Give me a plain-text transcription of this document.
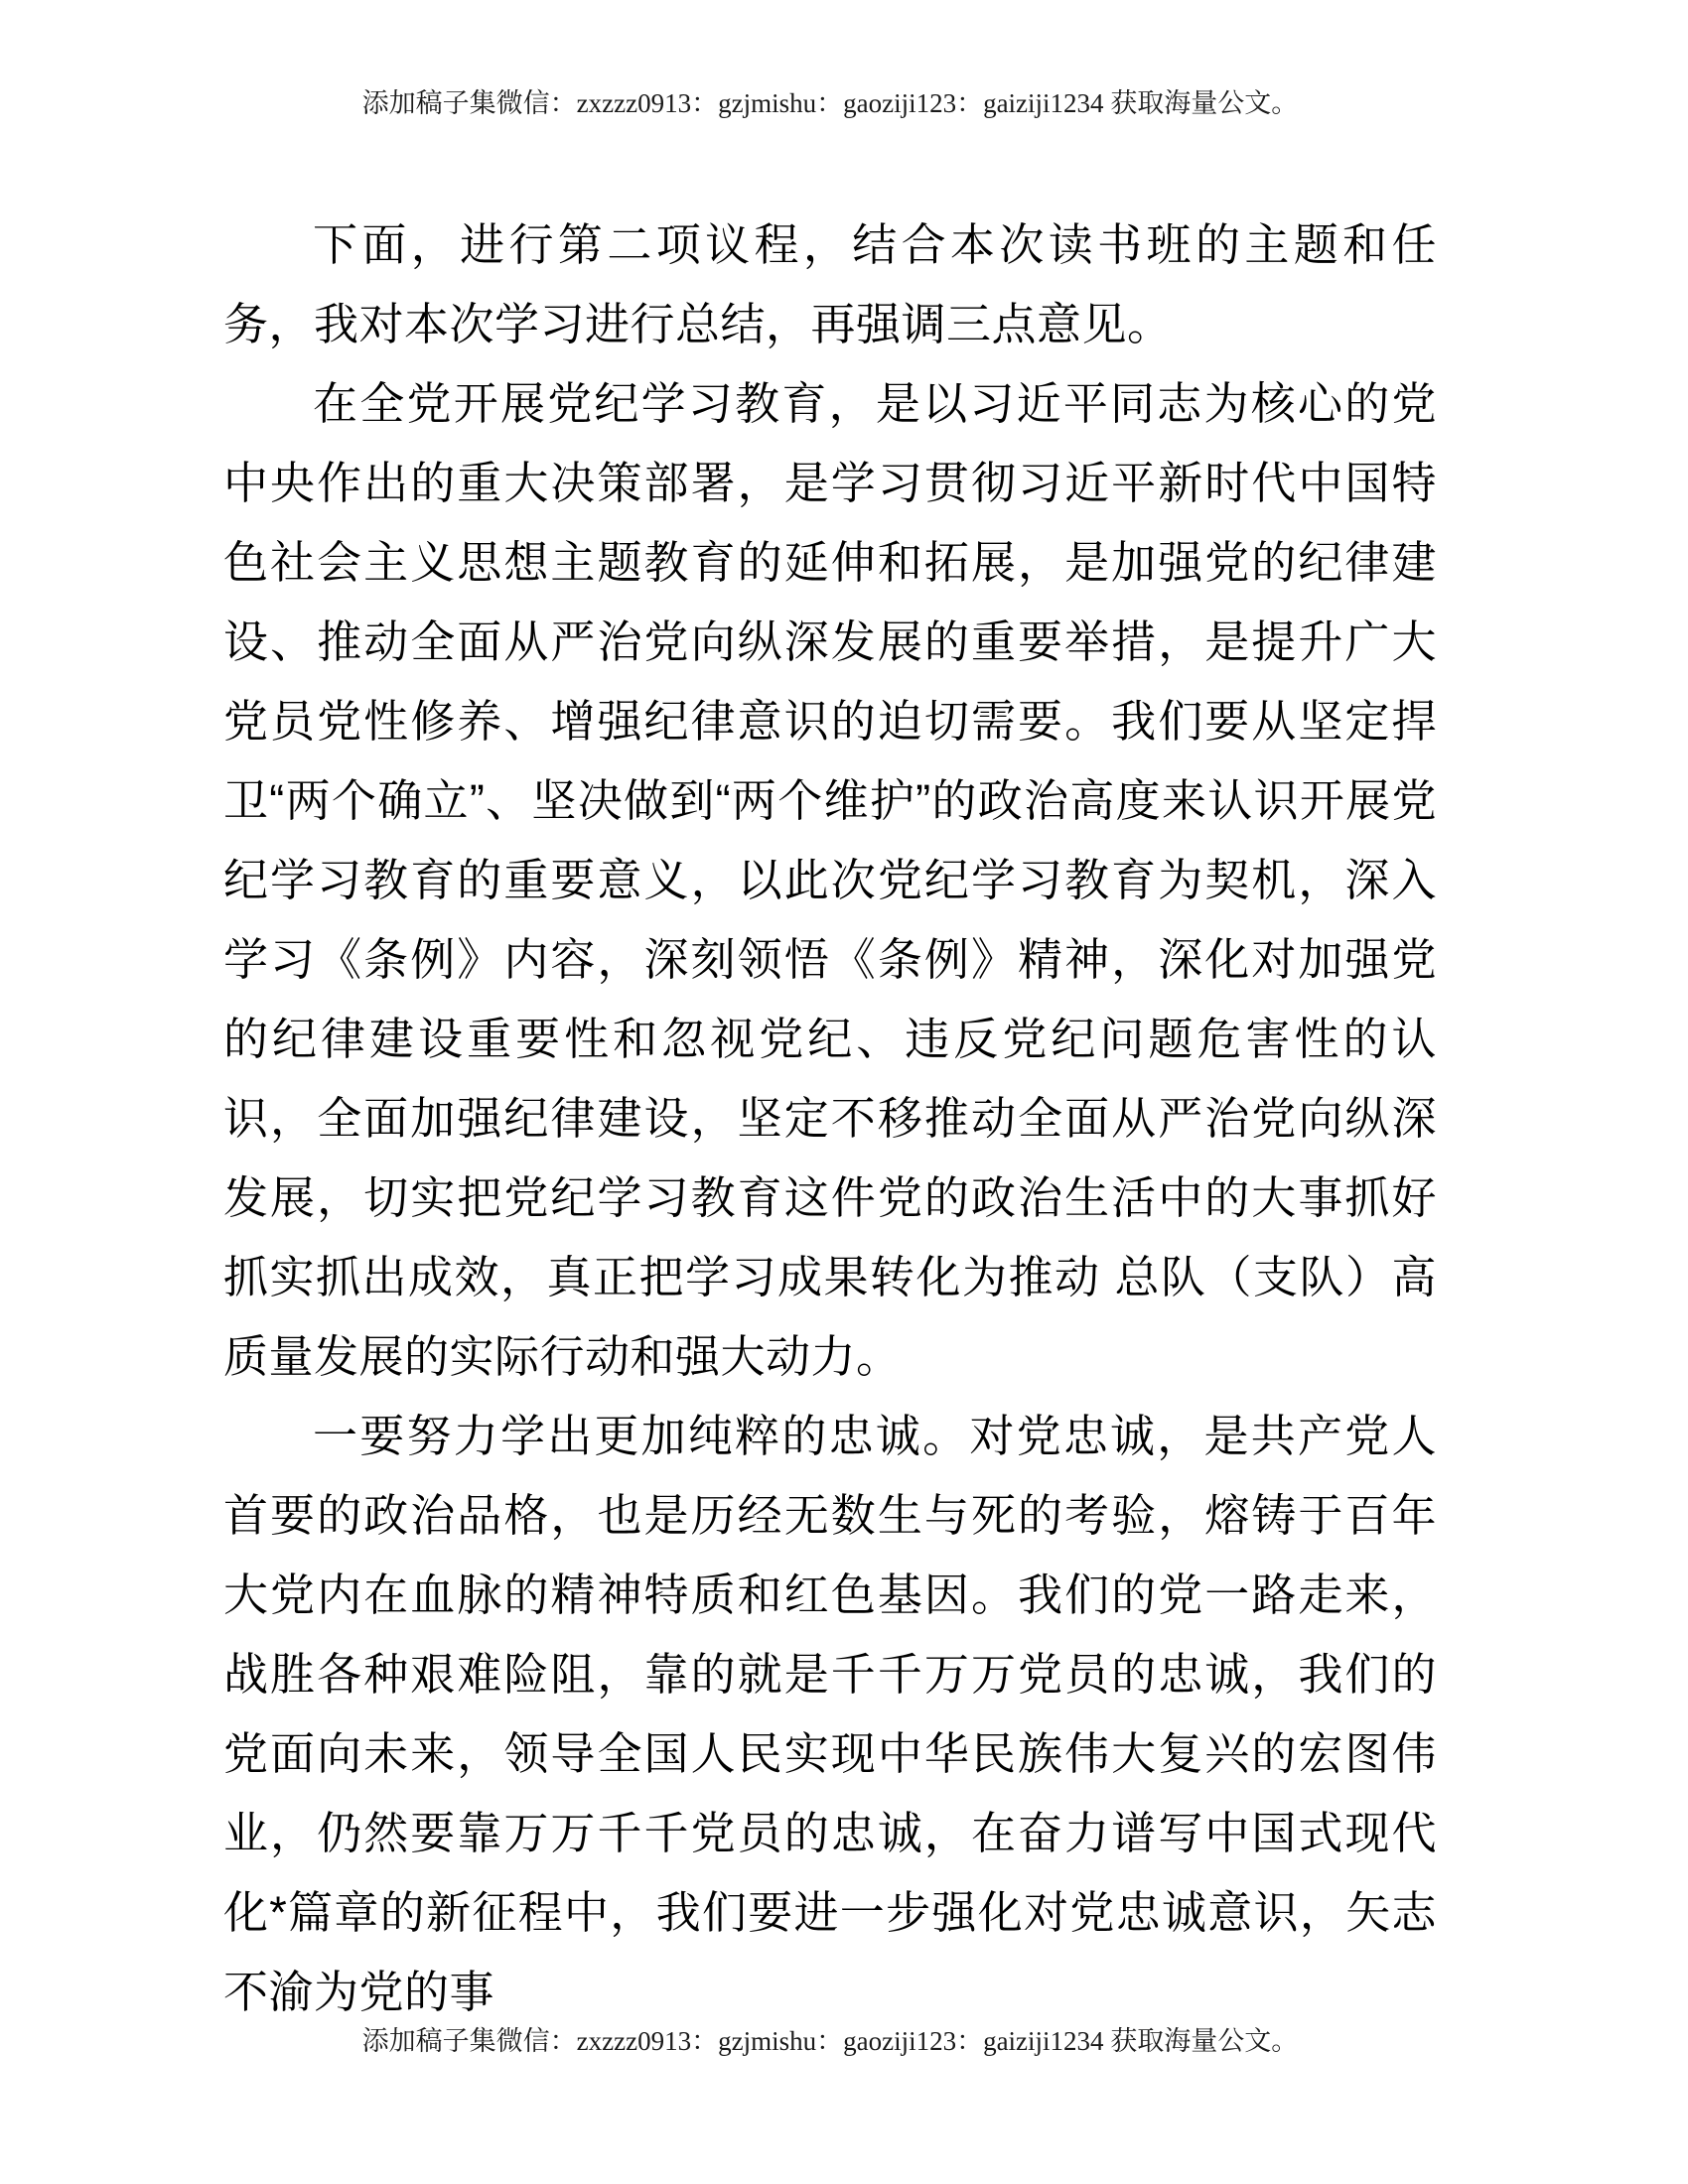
添加稿子集微信：zxzzz0913：gzjmishu：gaoziji123：gaiziji1234 获取海量公文。

下面，进行第二项议程，结合本次读书班的主题和任务，我对本次学习进行总结，再强调三点意见。

在全党开展党纪学习教育，是以习近平同志为核心的党中央作出的重大决策部署，是学习贯彻习近平新时代中国特色社会主义思想主题教育的延伸和拓展，是加强党的纪律建设、推动全面从严治党向纵深发展的重要举措，是提升广大党员党性修养、增强纪律意识的迫切需要。我们要从坚定捍卫“两个确立”、坚决做到“两个维护”的政治高度来认识开展党纪学习教育的重要意义，以此次党纪学习教育为契机，深入学习《条例》内容，深刻领悟《条例》精神，深化对加强党的纪律建设重要性和忽视党纪、违反党纪问题危害性的认识，全面加强纪律建设，坚定不移推动全面从严治党向纵深发展，切实把党纪学习教育这件党的政治生活中的大事抓好抓实抓出成效，真正把学习成果转化为推动 总队（支队）高质量发展的实际行动和强大动力。

一要努力学出更加纯粹的忠诚。对党忠诚，是共产党人首要的政治品格，也是历经无数生与死的考验，熔铸于百年大党内在血脉的精神特质和红色基因。我们的党一路走来，战胜各种艰难险阻，靠的就是千千万万党员的忠诚，我们的党面向未来，领导全国人民实现中华民族伟大复兴的宏图伟业，仍然要靠万万千千党员的忠诚，在奋力谱写中国式现代化*篇章的新征程中，我们要进一步强化对党忠诚意识，矢志不渝为党的事

添加稿子集微信：zxzzz0913：gzjmishu：gaoziji123：gaiziji1234 获取海量公文。
